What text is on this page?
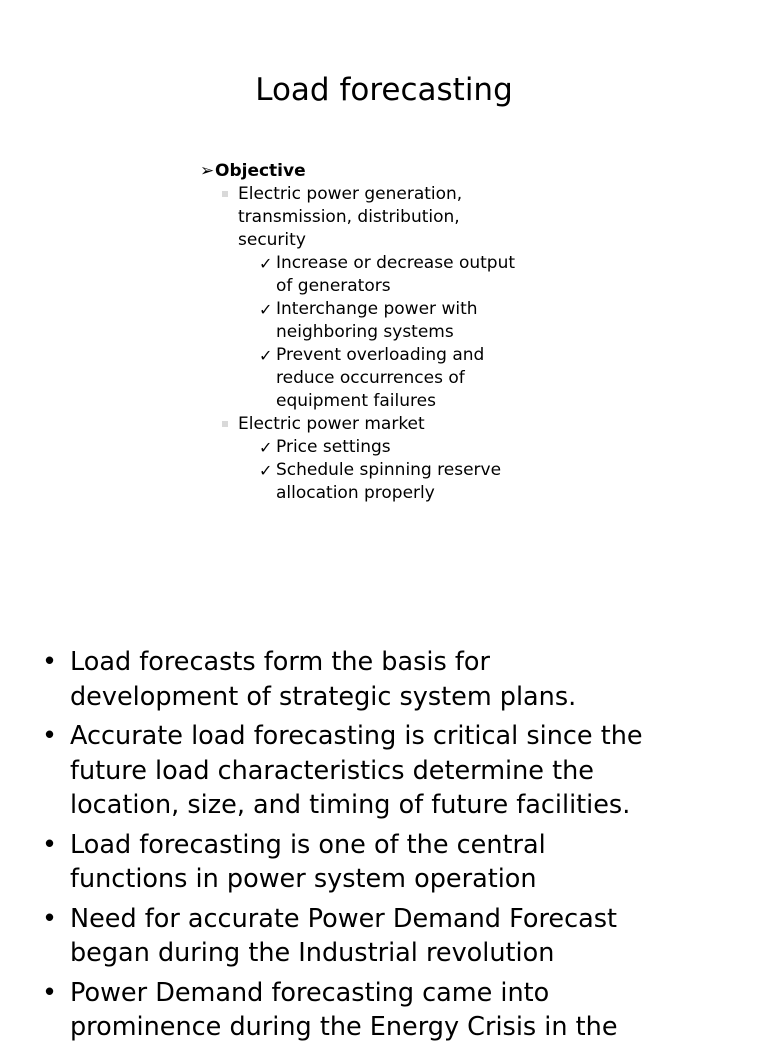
Load forecasting
➢ Objective
Electric power generation,
transmission, distribution,
security
✓ Increase or decrease output
of generators
✓ Interchange power with
neighboring systems
✓ Prevent overloading and
reduce occurrences of
equipment failures
Electric power market
✓ Price settings
✓ Schedule spinning reserve
allocation properly
• Load forecasts form the basis for
development of strategic system plans.
• Accurate load forecasting is critical since the
future load characteristics determine the
location, size, and timing of future facilities.
• Load forecasting is one of the central
functions in power system operation
• Need for accurate Power Demand Forecast
began during the Industrial revolution
• Power Demand forecasting came into
prominence during the Energy Crisis in the
